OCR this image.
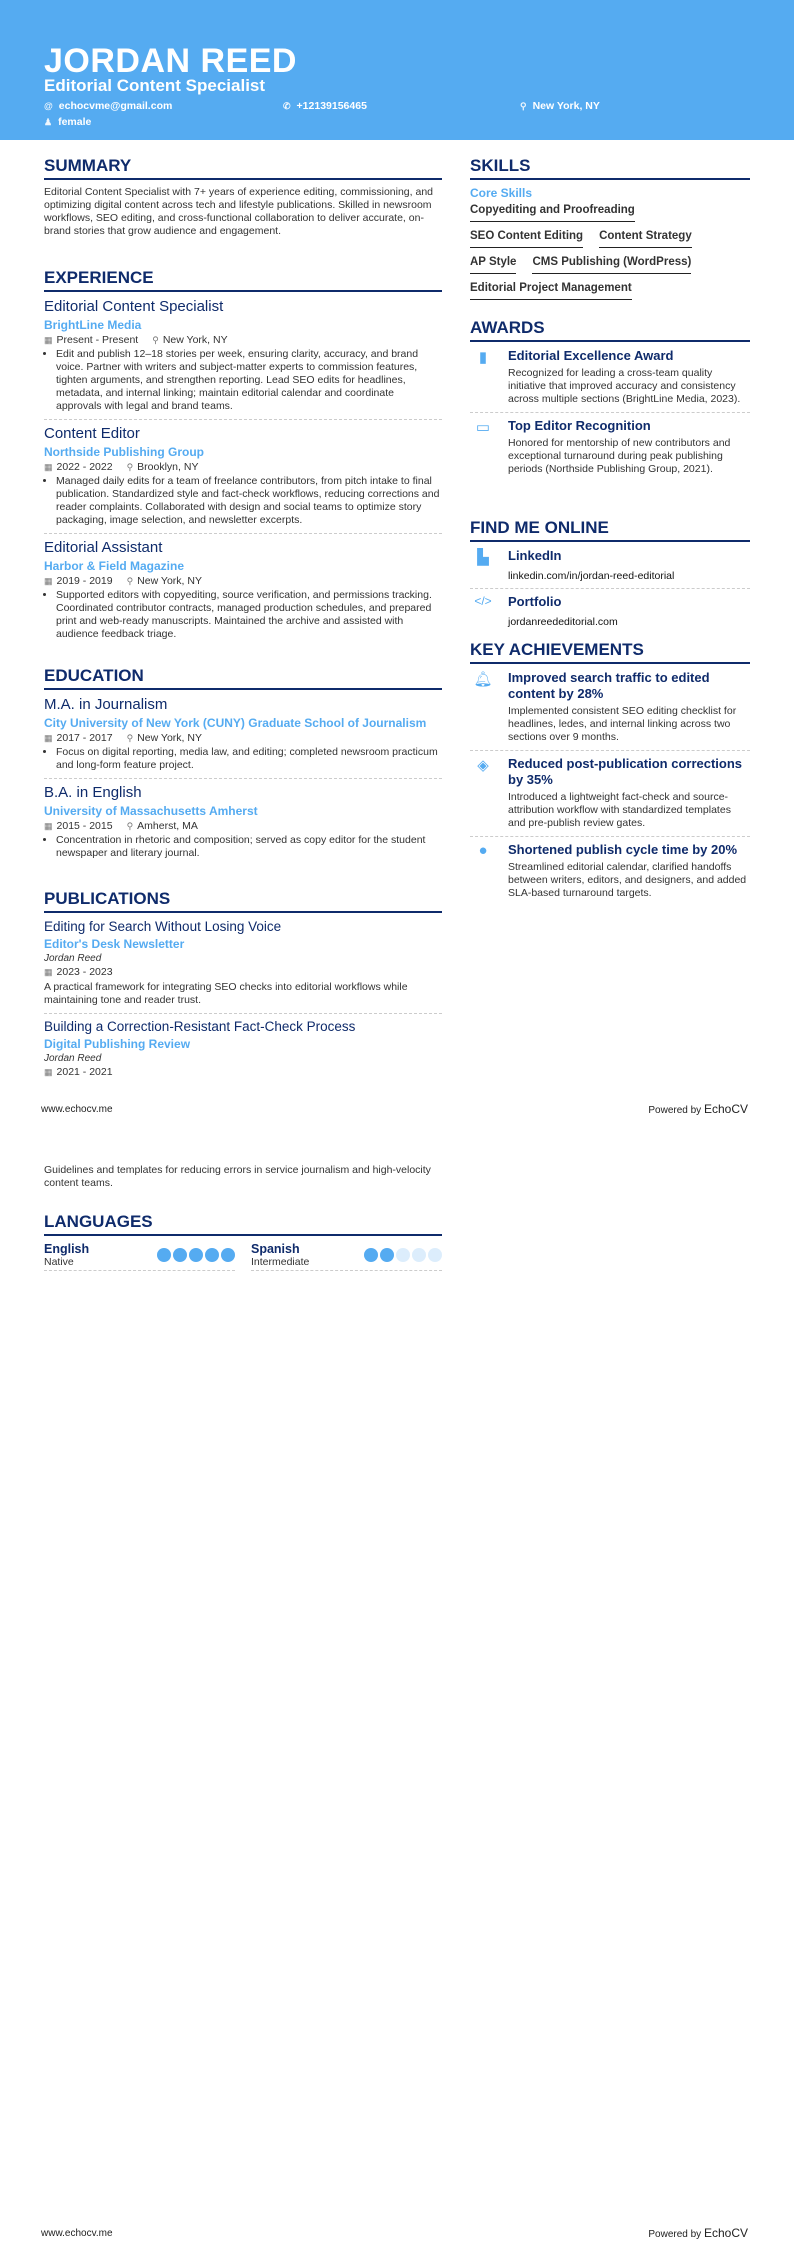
JORDAN REED
Editorial Content Specialist
@ echocvme@gmail.com	✆ +12139156465	⚲ New York, NY
♟ female
SUMMARY
Editorial Content Specialist with 7+ years of experience editing, commissioning, and optimizing digital content across tech and lifestyle publications. Skilled in newsroom workflows, SEO editing, and cross-functional collaboration to deliver accurate, on-brand stories that grow audience and engagement.
EXPERIENCE
Editorial Content Specialist
BrightLine Media
▦ Present - Present ⚲ New York, NY
• Edit and publish 12–18 stories per week, ensuring clarity, accuracy, and brand voice. Partner with writers and subject-matter experts to commission features, tighten arguments, and strengthen reporting. Lead SEO edits for headlines, metadata, and internal linking; maintain editorial calendar and coordinate approvals with legal and brand teams.
Content Editor
Northside Publishing Group
▦ 2022 - 2022 ⚲ Brooklyn, NY
• Managed daily edits for a team of freelance contributors, from pitch intake to final publication. Standardized style and fact-check workflows, reducing corrections and reader complaints. Collaborated with design and social teams to optimize story packaging, image selection, and newsletter excerpts.
Editorial Assistant
Harbor & Field Magazine
▦ 2019 - 2019 ⚲ New York, NY
• Supported editors with copyediting, source verification, and permissions tracking. Coordinated contributor contracts, managed production schedules, and prepared print and web-ready manuscripts. Maintained the archive and assisted with audience feedback triage.
EDUCATION
M.A. in Journalism
City University of New York (CUNY) Graduate School of Journalism
▦ 2017 - 2017 ⚲ New York, NY
• Focus on digital reporting, media law, and editing; completed newsroom practicum and long-form feature project.
B.A. in English
University of Massachusetts Amherst
▦ 2015 - 2015 ⚲ Amherst, MA
• Concentration in rhetoric and composition; served as copy editor for the student newspaper and literary journal.
PUBLICATIONS
Editing for Search Without Losing Voice
Editor's Desk Newsletter
Jordan Reed
▦ 2023 - 2023
A practical framework for integrating SEO checks into editorial workflows while maintaining tone and reader trust.
Building a Correction-Resistant Fact-Check Process
Digital Publishing Review
Jordan Reed
▦ 2021 - 2021
www.echocv.me	Powered by EchoCV
Guidelines and templates for reducing errors in service journalism and high-velocity content teams.
LANGUAGES
English
Native
Spanish
Intermediate
SKILLS
Core Skills
Copyediting and Proofreading
SEO Content Editing Content Strategy
AP Style CMS Publishing (WordPress)
Editorial Project Management
AWARDS
▮	Editorial Excellence Award
Recognized for leading a cross-team quality initiative that improved accuracy and consistency across multiple sections (BrightLine Media, 2023).
▭	Top Editor Recognition
Honored for mentorship of new contributors and exceptional turnaround during peak publishing periods (Northside Publishing Group, 2021).
FIND ME ONLINE
▙	LinkedIn
linkedin.com/in/jordan-reed-editorial
</>	Portfolio
jordanreededitorial.com
KEY ACHIEVEMENTS
🔔︎ Improved search traffic to edited content by 28%
Implemented consistent SEO editing checklist for headlines, ledes, and internal linking across two sections over 9 months.
◈	Reduced post-publication corrections by 35%
Introduced a lightweight fact-check and source-attribution workflow with standardized templates and pre-publish review gates.
●	Shortened publish cycle time by 20%
Streamlined editorial calendar, clarified handoffs between writers, editors, and designers, and added SLA-based turnaround targets.
www.echocv.me	Powered by EchoCV
